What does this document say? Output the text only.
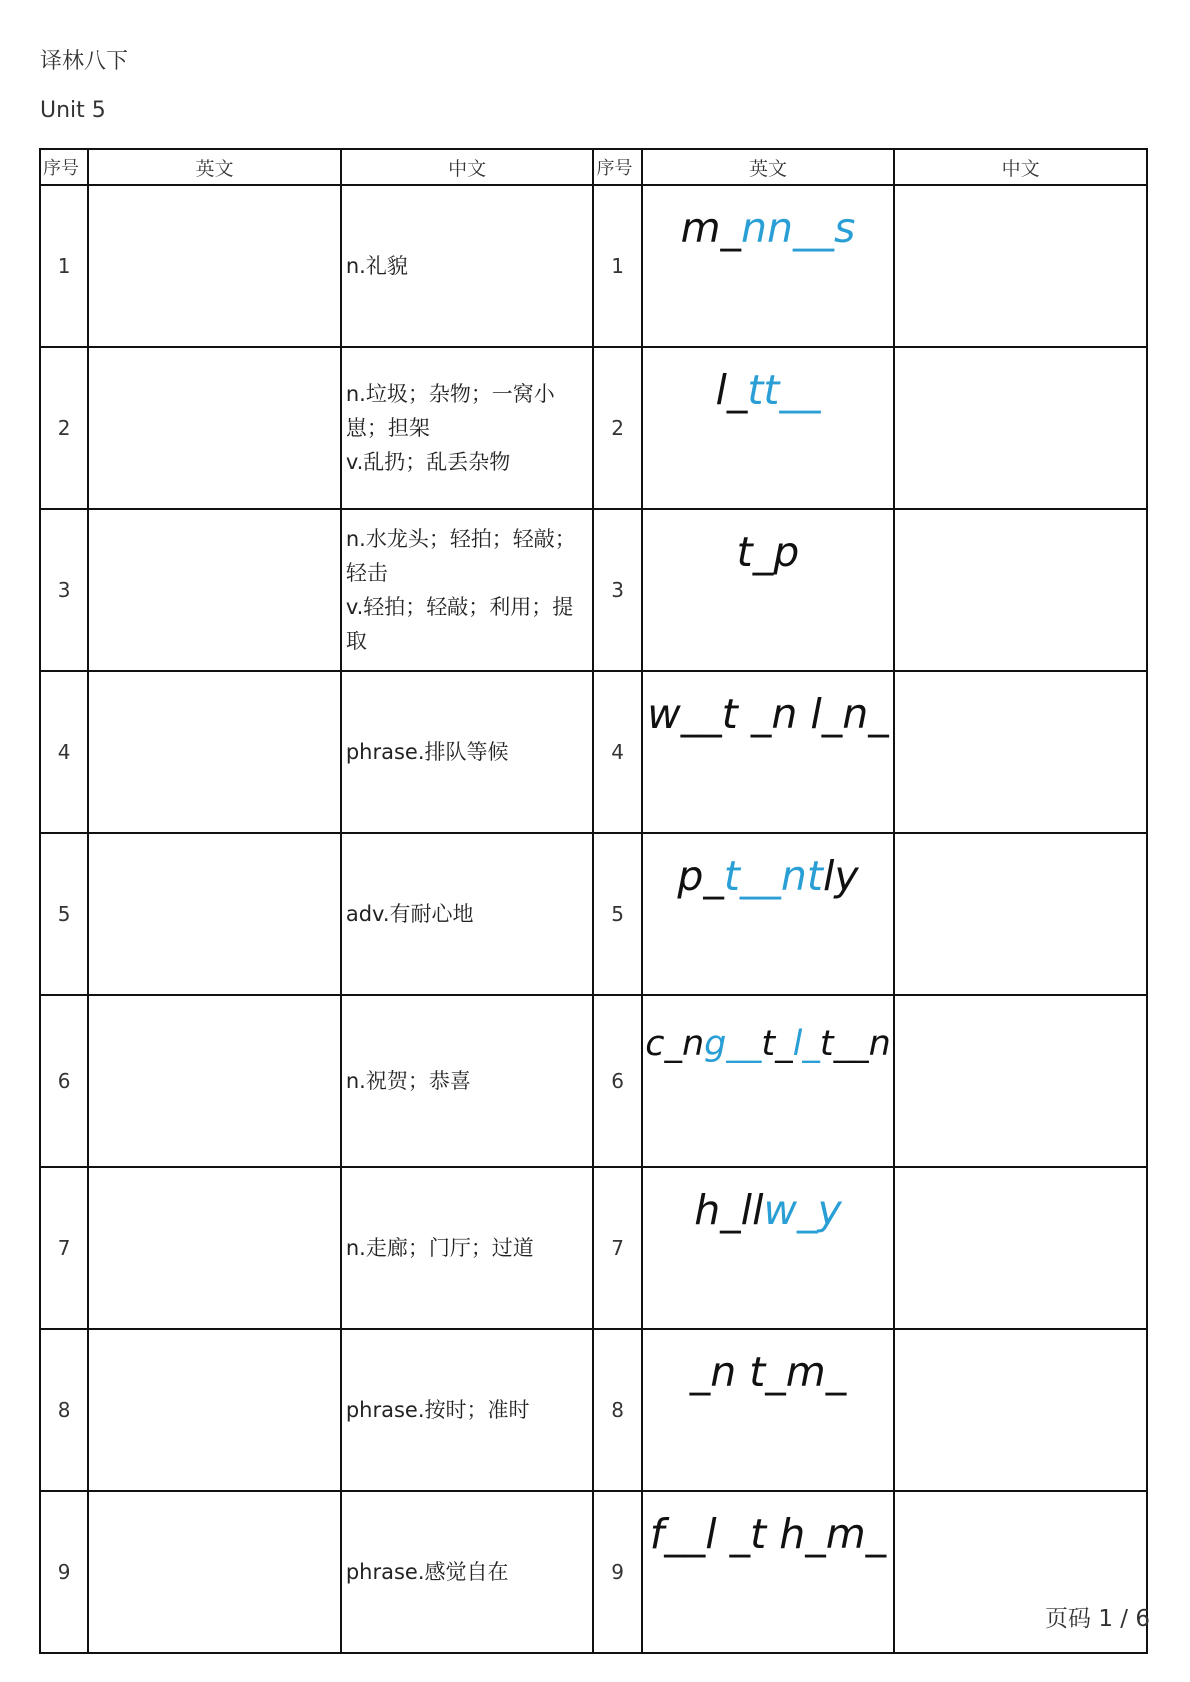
译林八下
Unit 5
序号	英文	中文	序号	英文	中文
1		n.礼貌	1	m_nn__s	
2		n.垃圾；杂物；一窝小崽；担架
v.乱扔；乱丢杂物	2	l_tt__	
3		n.水龙头；轻拍；轻敲；轻击
v.轻拍；轻敲；利用；提取	3	t_p	
4		phrase.排队等候	4	w__t _n l_n_	
5		adv.有耐心地	5	p_t__ntly	
6		n.祝贺；恭喜	6	c_ng__t_l_t__n	
7		n.走廊；门厅；过道	7	h_llw_y	
8		phrase.按时；准时	8	_n t_m_	
9		phrase.感觉自在	9	f__l _t h_m_	
页码 1 / 6
